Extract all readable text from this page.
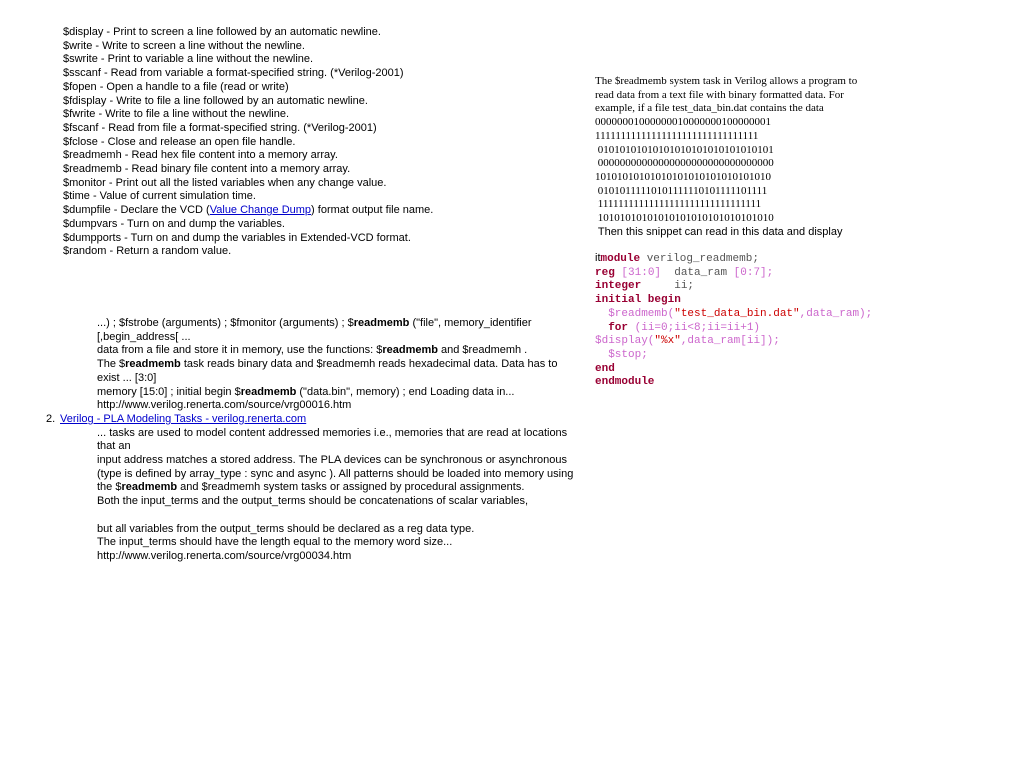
$display - Print to screen a line followed by an automatic newline.
$write - Write to screen a line without the newline.
$swrite - Print to variable a line without the newline.
$sscanf - Read from variable a format-specified string. (*Verilog-2001)
$fopen - Open a handle to a file (read or write)
$fdisplay - Write to file a line followed by an automatic newline.
$fwrite - Write to file a line without the newline.
$fscanf - Read from file a format-specified string. (*Verilog-2001)
$fclose - Close and release an open file handle.
$readmemh - Read hex file content into a memory array.
$readmemb - Read binary file content into a memory array.
$monitor - Print out all the listed variables when any change value.
$time - Value of current simulation time.
$dumpfile - Declare the VCD (Value Change Dump) format output file name.
$dumpvars - Turn on and dump the variables.
$dumpports - Turn on and dump the variables in Extended-VCD format.
$random - Return a random value.
The $readmemb system task in Verilog allows a program to read data from a text file with binary formatted data. For example, if a file test_data_bin.dat contains the data
00000001000000010000000100000001
11111111111111111111111111111111
01010101010101010101010101010101
00000000000000000000000000000000
10101010101010101010101010101010
01010111110101111110101111101111
11111111111111111111111111111111
10101010101010101010101010101010
Then this snippet can read in this data and display
itmodule verilog_readmemb;
reg [31:0]  data_ram [0:7];
integer     ii;
initial begin
$readmemb("test_data_bin.dat",data_ram);
for (ii=0;ii<8;ii=ii+1)
$display("%x",data_ram[ii]);
$stop;
end
endmodule
...) ; $fstrobe (arguments) ; $fmonitor (arguments) ; $readmemb ("file", memory_identifier
[,begin_address[ ...
data from a file and store it in memory, use the functions: $readmemb and $readmemh .
The $readmemb task reads binary data and $readmemh reads hexadecimal data. Data has to
exist ... [3:0]
memory [15:0] ; initial begin $readmemb ("data.bin", memory) ; end Loading data in...
http://www.verilog.renerta.com/source/vrg00016.htm
2. Verilog - PLA Modeling Tasks - verilog.renerta.com
... tasks are used to model content addressed memories i.e., memories that are read at locations
that an
input address matches a stored address. The PLA devices can be synchronous or asynchronous
(type is defined by array_type : sync and async ). All patterns should be loaded into memory using
the $readmemb and $readmemh system tasks or assigned by procedural assignments.
Both the input_terms and the output_terms should be concatenations of scalar variables,
but all variables from the output_terms should be declared as a reg data type.
The input_terms should have the length equal to the memory word size...
http://www.verilog.renerta.com/source/vrg00034.htm
